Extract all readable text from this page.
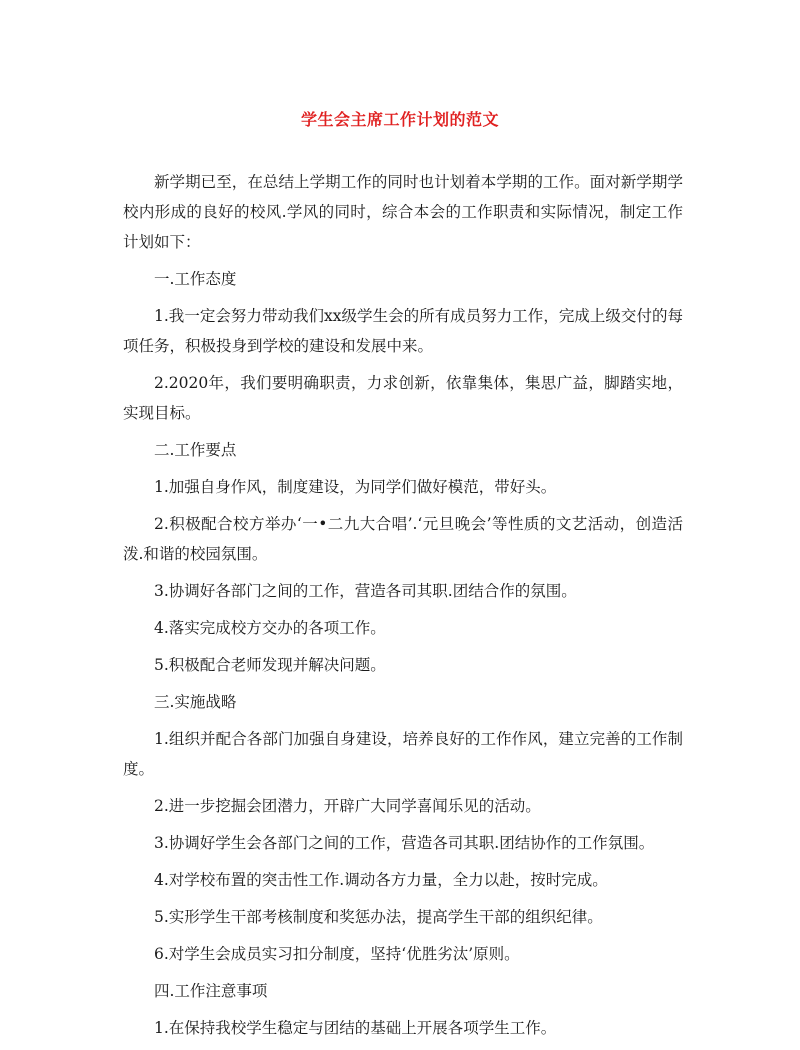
学生会主席工作计划的范文

新学期已至，在总结上学期工作的同时也计划着本学期的工作。面对新学期学校内形成的良好的校风.学风的同时，综合本会的工作职责和实际情况，制定工作计划如下：

一.工作态度

1.我一定会努力带动我们xx级学生会的所有成员努力工作，完成上级交付的每项任务，积极投身到学校的建设和发展中来。

2.2020年，我们要明确职责，力求创新，依靠集体，集思广益，脚踏实地，实现目标。

二.工作要点

1.加强自身作风，制度建设，为同学们做好模范，带好头。

2.积极配合校方举办‘一•二九大合唱’.‘元旦晚会’等性质的文艺活动，创造活泼.和谐的校园氛围。

3.协调好各部门之间的工作，营造各司其职.团结合作的氛围。

4.落实完成校方交办的各项工作。

5.积极配合老师发现并解决问题。

三.实施战略

1.组织并配合各部门加强自身建设，培养良好的工作作风，建立完善的工作制度。

2.进一步挖掘会团潜力，开辟广大同学喜闻乐见的活动。

3.协调好学生会各部门之间的工作，营造各司其职.团结协作的工作氛围。

4.对学校布置的突击性工作.调动各方力量，全力以赴，按时完成。

5.实形学生干部考核制度和奖惩办法，提高学生干部的组织纪律。

6.对学生会成员实习扣分制度，坚持‘优胜劣汰’原则。

四.工作注意事项

1.在保持我校学生稳定与团结的基础上开展各项学生工作。
